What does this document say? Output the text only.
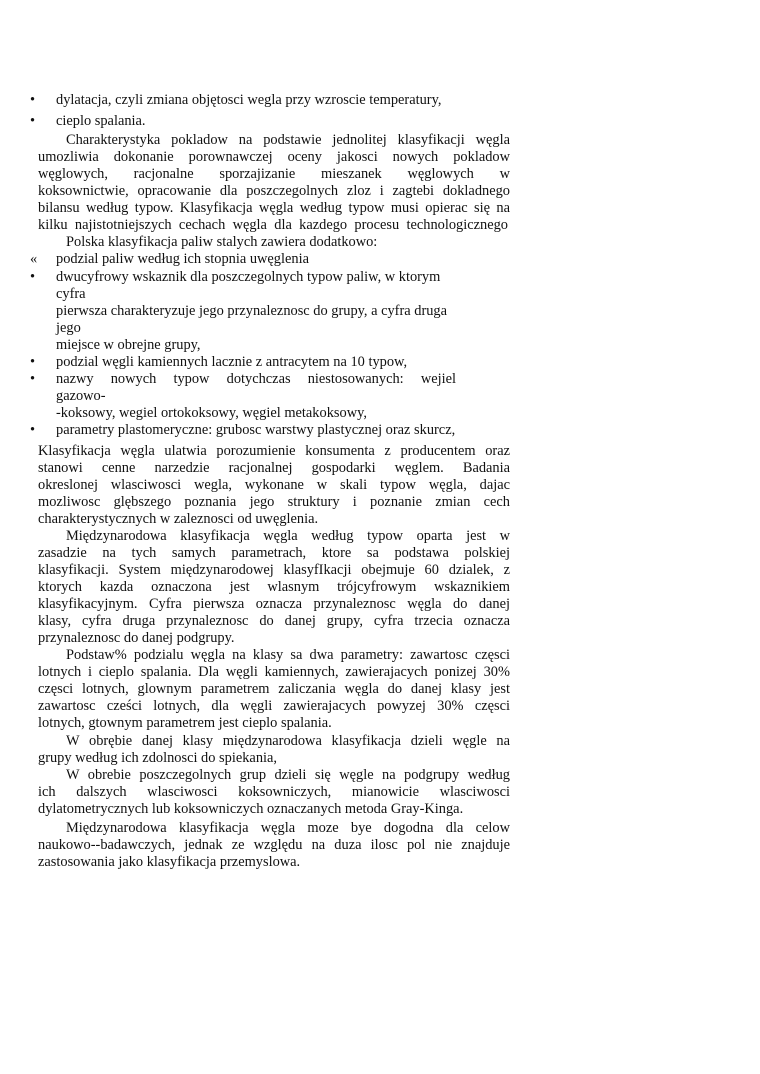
• dylatacja, czyli zmiana objętosci wegla przy wzroscie temperatury,
• cieplo spalania.
Charakterystyka pokladow na podstawie jednolitej klasyfikacji węgla
umozliwia dokonanie porownawczej oceny jakosci nowych pokladow
węglowych, racjonalne sporzajizanie mieszanek węglowych w
koksownictwie, opracowanie dla poszczegolnych zloz i zagtebi dokladnego
bilansu według typow. Klasyfikacja węgla według typow musi opierac się na
kilku najistotniejszych cechach węgla dla kazdego procesu technologicznego
Polska klasyfikacja paliw stalych zawiera dodatkowo:
« podzial paliw według ich stopnia uwęglenia
• dwucyfrowy wskaznik dla poszczegolnych typow paliw, w ktorym
cyfra
pierwsza charakteryzuje jego przynaleznosc do grupy, a cyfra druga
jego
miejsce w obrejne grupy,
• podzial węgli kamiennych lacznie z antracytem na 10 typow,
• nazwy nowych typow dotychczas niestosowanych: wejiel
gazowo-
-koksowy, wegiel ortokoksowy, węgiel metakoksowy,
• parametry plastomeryczne: grubosc warstwy plastycznej oraz skurcz,
Klasyfikacja węgla ulatwia porozumienie konsumenta z producentem oraz
stanowi cenne narzedzie racjonalnej gospodarki węglem. Badania
okreslonej wlasciwosci wegla, wykonane w skali typow węgla, dajac
mozliwosc glębszego poznania jego struktury i poznanie zmian cech
charakterystycznych w zaleznosci od uwęglenia.
Międzynarodowa klasyfikacja węgla według typow oparta jest w
zasadzie na tych samych parametrach, ktore sa podstawa polskiej
klasyfikacji. System międzynarodowej klasyfIkacji obejmuje 60 dzialek, z
ktorych kazda oznaczona jest wlasnym trójcyfrowym wskaznikiem
klasyfikacyjnym. Cyfra pierwsza oznacza przynaleznosc węgla do danej
klasy, cyfra druga przynaleznosc do danej grupy, cyfra trzecia oznacza
przynaleznosc do danej podgrupy.
Podstaw% podzialu węgla na klasy sa dwa parametry: zawartosc częsci
lotnych i cieplo spalania. Dla węgli kamiennych, zawierajacych ponizej 30%
częsci lotnych, glownym parametrem zaliczania węgla do danej klasy jest
zawartosc cześci lotnych, dla węgli zawierajacych powyzej 30% częsci
lotnych, gtownym parametrem jest cieplo spalania.
W obrębie danej klasy międzynarodowa klasyfikacja dzieli węgle na
grupy według ich zdolnosci do spiekania,
W obrebie poszczegolnych grup dzieli się węgle na podgrupy według
ich dalszych wlasciwosci koksowniczych, mianowicie wlasciwosci
dylatometrycznych lub koksowniczych oznaczanych metoda Gray-Kinga.
Międzynarodowa klasyfikacja węgla moze bye dogodna dla celow
naukowo--badawczych, jednak ze względu na duza ilosc pol nie znajduje
zastosowania jako klasyfikacja przemyslowa.
